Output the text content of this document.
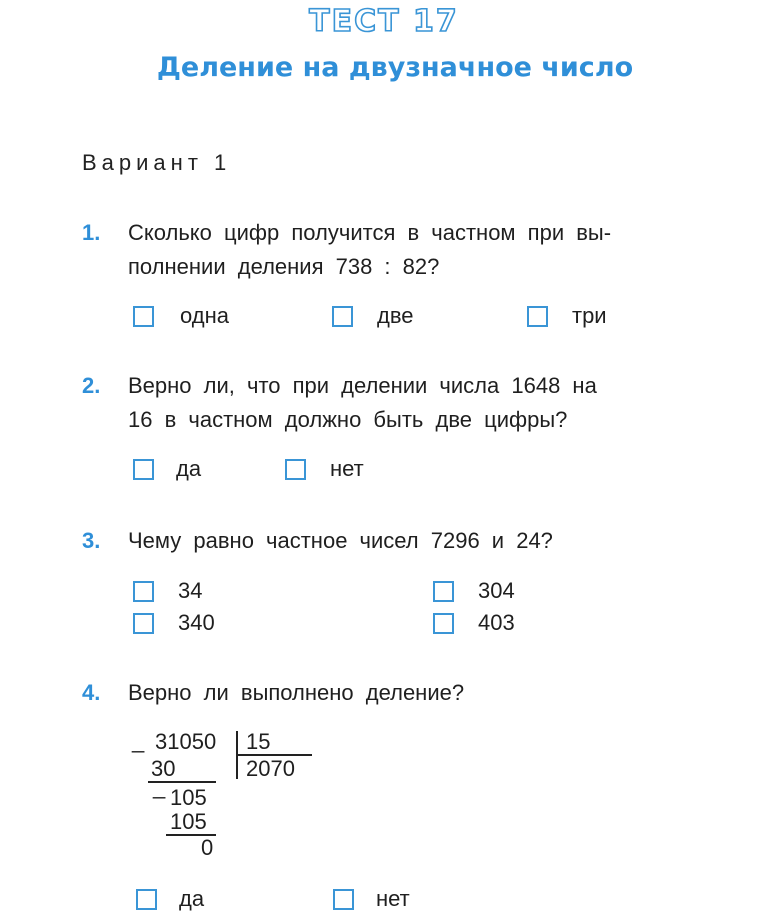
ТЕСТ 17
Деление на двузначное число
Вариант 1
1. Сколько цифр получится в частном при вы-
полнении деления 738 : 82?
одна	две	три
2. Верно ли, что при делении числа 1648 на
16 в частном должно быть две цифры?
да	нет
3. Чему равно частное чисел 7296 и 24?
34	304
340	403
4. Верно ли выполнено деление?
_ 31050 15
30	2070
_ 105
105
0
да	нет
